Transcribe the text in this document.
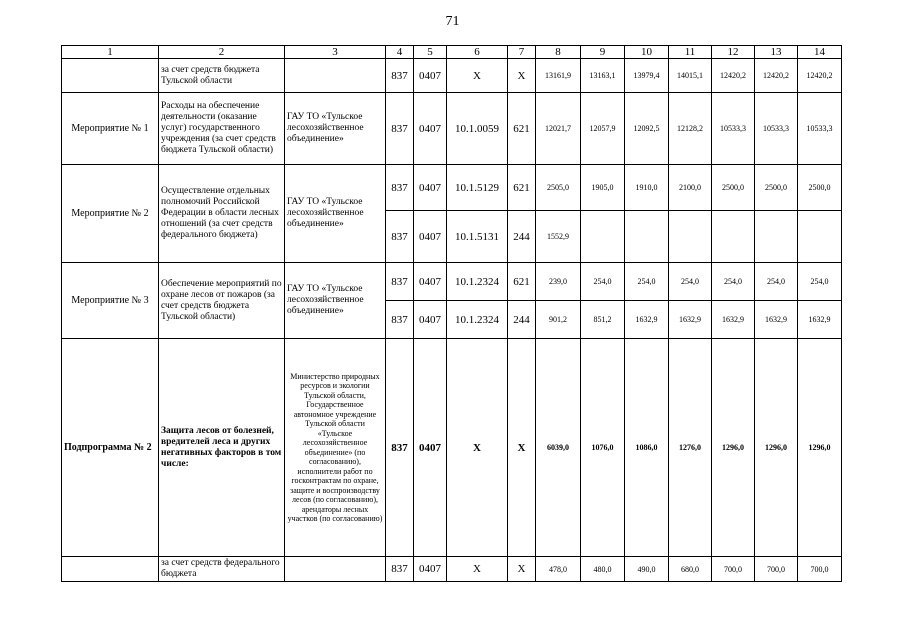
71
1	2	3	4	5	6	7	8	9	10	11	12	13	14
	за счет средств бюджета Тульской области		837	0407	Х	Х	13161,9	13163,1	13979,4	14015,1	12420,2	12420,2	12420,2
Мероприятие № 1	Расходы на обеспечение деятельности (оказание услуг) государственного учреждения (за счет средств бюджета Тульской области)	ГАУ ТО «Тульское лесохозяйственное объединение»	837	0407	10.1.0059	621	12021,7	12057,9	12092,5	12128,2	10533,3	10533,3	10533,3
Мероприятие № 2	Осуществление отдельных полномочий Российской Федерации в области лесных отношений (за счет средств федерального бюджета)	ГАУ ТО «Тульское лесохозяйственное объединение»	837	0407	10.1.5129	621	2505,0	1905,0	1910,0	2100,0	2500,0	2500,0	2500,0
			837	0407	10.1.5131	244	1552,9						
Мероприятие № 3	Обеспечение мероприятий по охране лесов от пожаров (за счет средств бюджета Тульской области)	ГАУ ТО «Тульское лесохозяйственное объединение»	837	0407	10.1.2324	621	239,0	254,0	254,0	254,0	254,0	254,0	254,0
			837	0407	10.1.2324	244	901,2	851,2	1632,9	1632,9	1632,9	1632,9	1632,9
Подпрограмма № 2	Защита лесов от болезней, вредителей леса и других негативных факторов в том числе:	Министерство природных ресурсов и экологии Тульской области, Государственное автономное учреждение Тульской области «Тульское лесохозяйственное объединение» (по согласованию), исполнители работ по госконтрактам по охране, защите и воспроизводству лесов (по согласованию), арендаторы лесных участков (по согласованию)	837	0407	Х	Х	6039,0	1076,0	1086,0	1276,0	1296,0	1296,0	1296,0
	за счет средств федерального бюджета		837	0407	Х	Х	478,0	480,0	490,0	680,0	700,0	700,0	700,0
